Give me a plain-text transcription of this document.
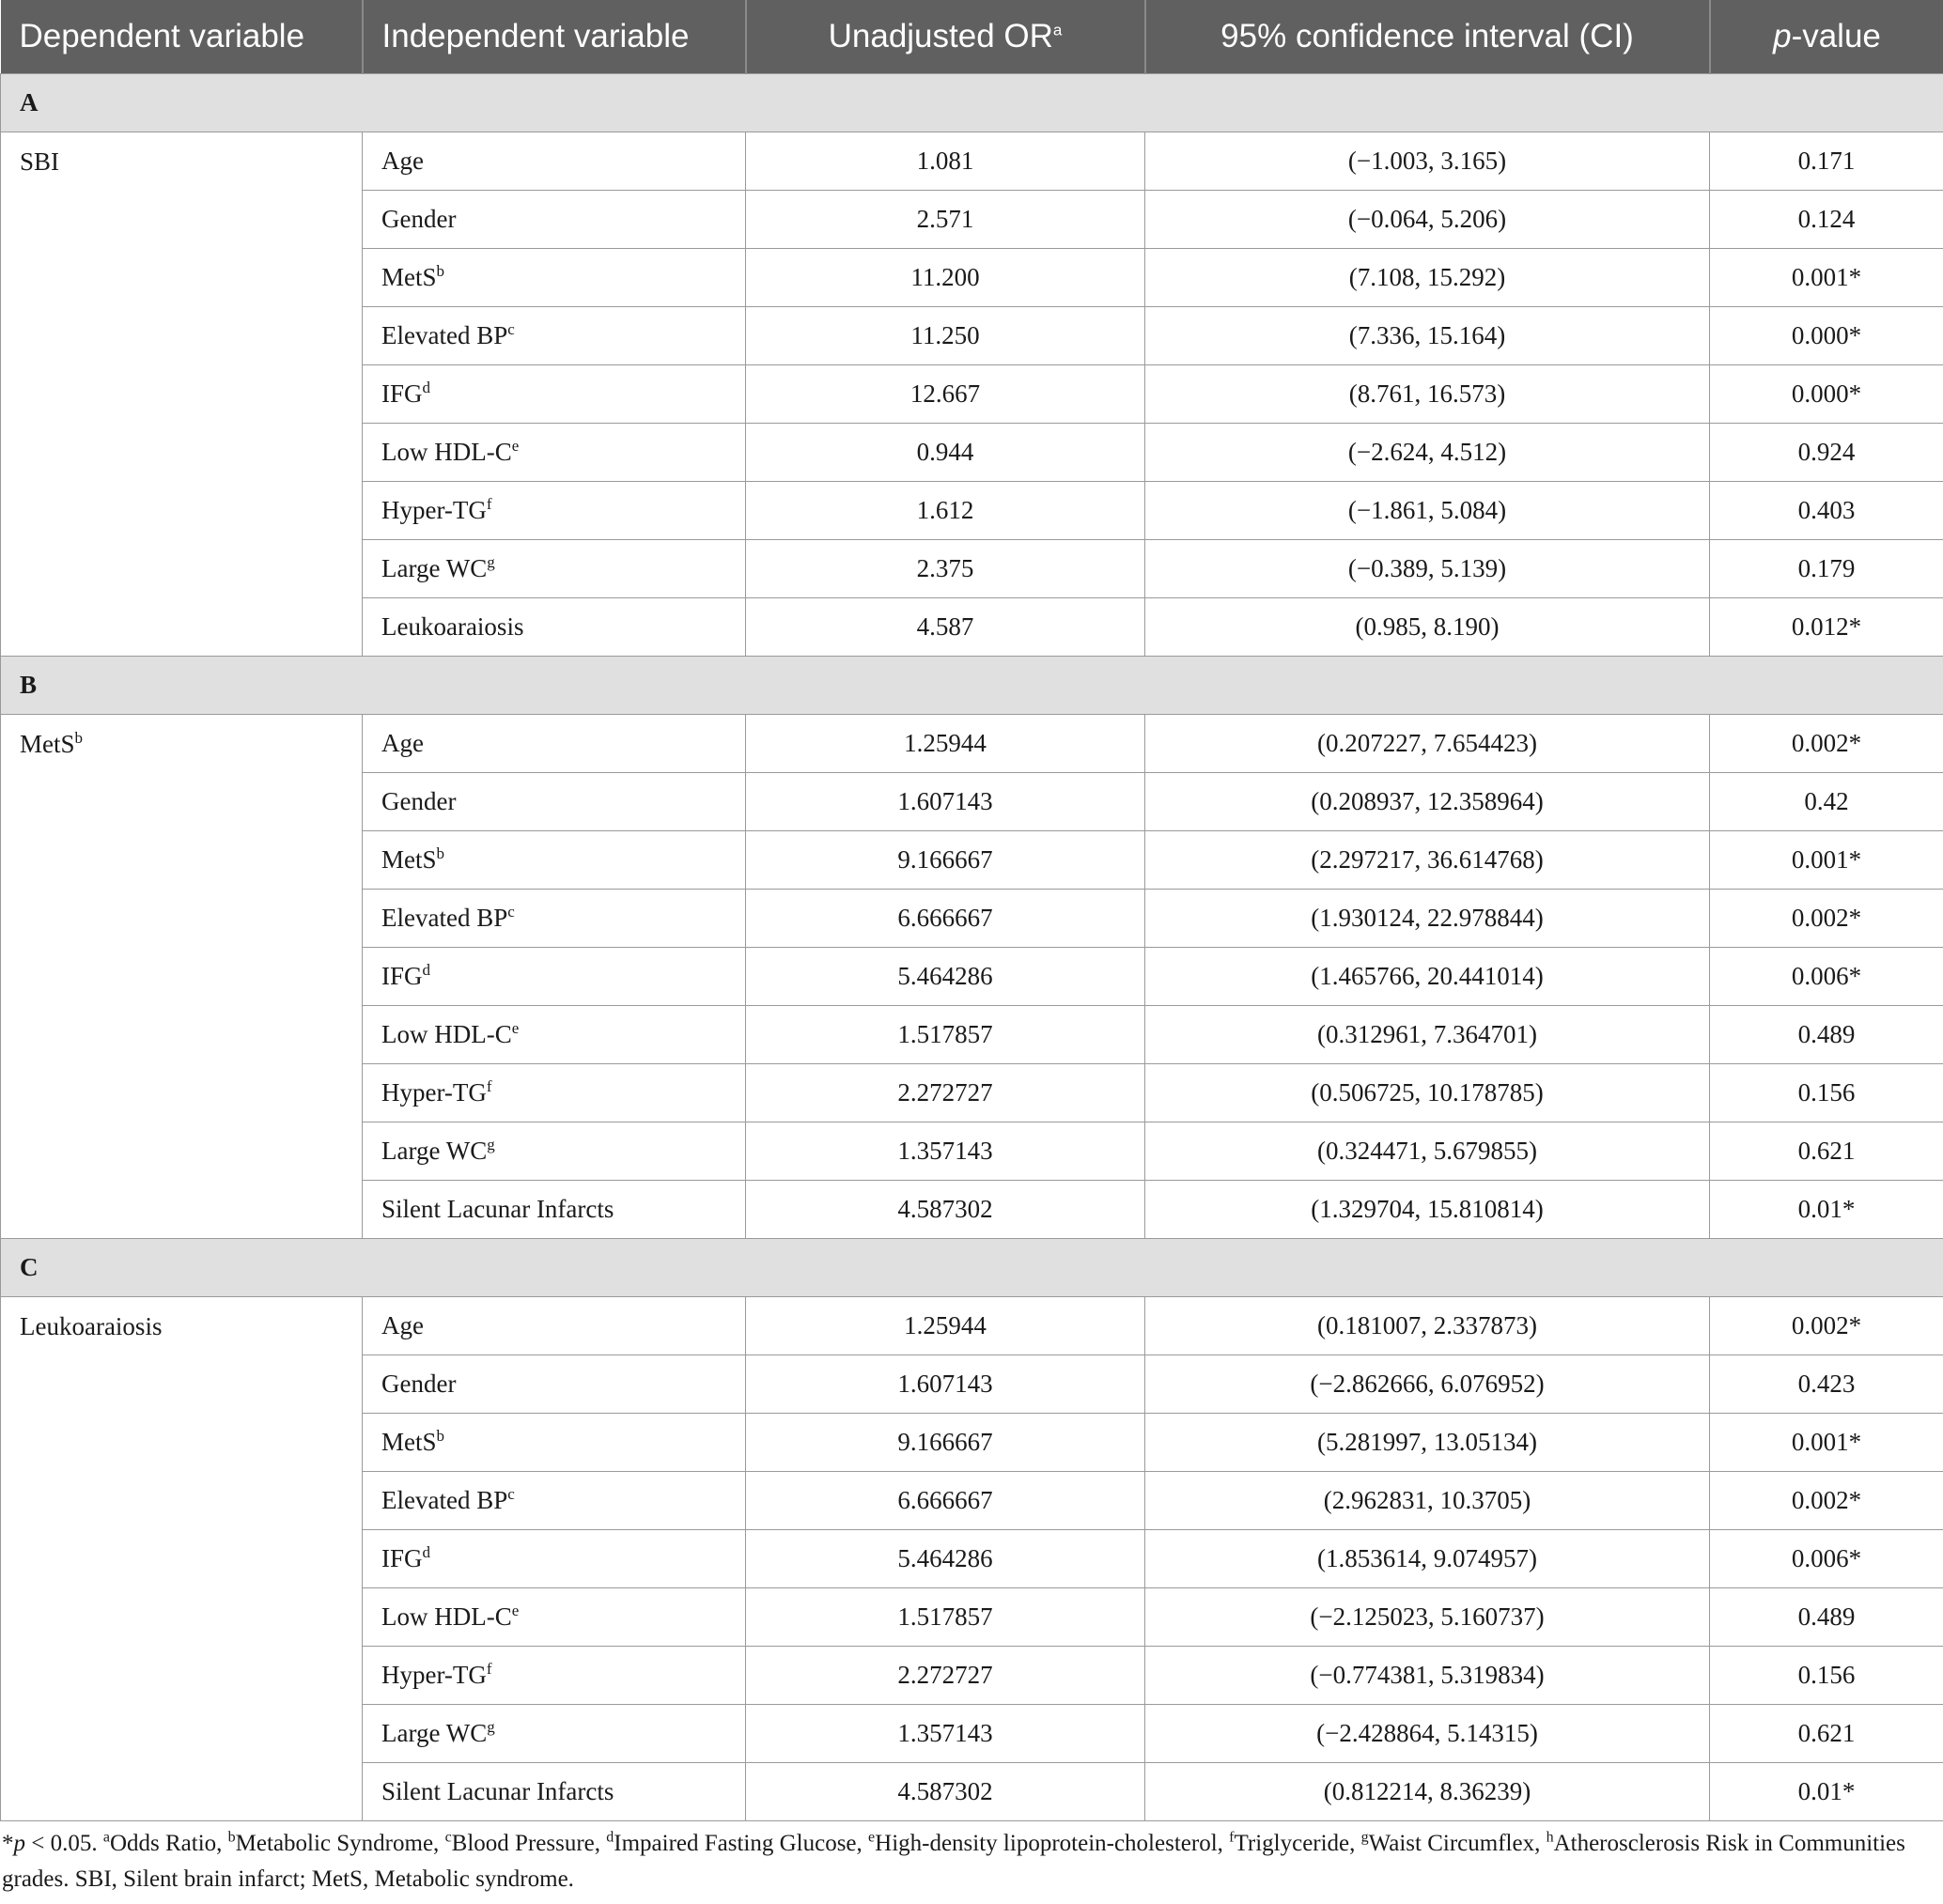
Dependent variable	Independent variable	Unadjusted $OR^a$	95% confidence interval (CI)	p-value
A				
SBI	Age	1.081	(−1.003, 3.165)	0.171
	Gender	2.571	(−0.064, 5.206)	0.124
	MetS$^b$	11.200	(7.108, 15.292)	0.001*
	Elevated $BP^c$	11.250	(7.336, 15.164)	0.000*
	IFG$^d$	12.667	(8.761, 16.573)	0.000*
	Low HDL-Ce	0.944	(−2.624, 4.512)	0.924
	Hyper-$TG^f$	1.612	(−1.861, 5.084)	0.403
	Large $WC^g$	2.375	(−0.389, 5.139)	0.179
	Leukoaraiosis	4.587	(0.985, 8.190)	0.012*
B				
MetS$^b$	Age	1.25944	(0.207227, 7.654423)	0.002*
	Gender	1.607143	(0.208937, 12.358964)	0.42
	MetS$^b$	9.166667	(2.297217, 36.614768)	0.001*
	Elevated $BP^c$	6.666667	(1.930124, 22.978844)	0.002*
	IFG$^d$	5.464286	(1.465766, 20.441014)	0.006*
	Low HDL-Ce	1.517857	(0.312961, 7.364701)	0.489
	Hyper-$TG^f$	2.272727	(0.506725, 10.178785)	0.156
	Large $WC^g$	1.357143	(0.324471, 5.679855)	0.621
	Silent Lacunar Infarcts	4.587302	(1.329704, 15.810814)	0.01*
C				
Leukoaraiosis	Age	1.25944	(0.181007, 2.337873)	0.002*
	Gender	1.607143	(−2.862666, 6.076952)	0.423
	MetS$^b$	9.166667	(5.281997, 13.05134)	0.001*
	Elevated $BP^c$	6.666667	(2.962831, 10.3705)	0.002*
	IFG$^d$	5.464286	(1.853614, 9.074957)	0.006*
	Low HDL-Ce	1.517857	(−2.125023, 5.160737)	0.489
	Hyper-$TG^f$	2.272727	(−0.774381, 5.319834)	0.156
	Large $WC^g$	1.357143	(−2.428864, 5.14315)	0.621
	Silent Lacunar Infarcts	4.587302	(0.812214, 8.36239)	0.01*
*p < 0.05. $^a$Odds Ratio, $^b$Metabolic Syndrome, $^c$Blood Pressure, $^d$Impaired Fasting Glucose, $^e$High-density lipoprotein-cholesterol, $^f$Triglyceride, $^g$Waist Circumflex, $^h$Atherosclerosis Risk in Communities grades. SBI, Silent brain infarct; MetS, Metabolic syndrome.
